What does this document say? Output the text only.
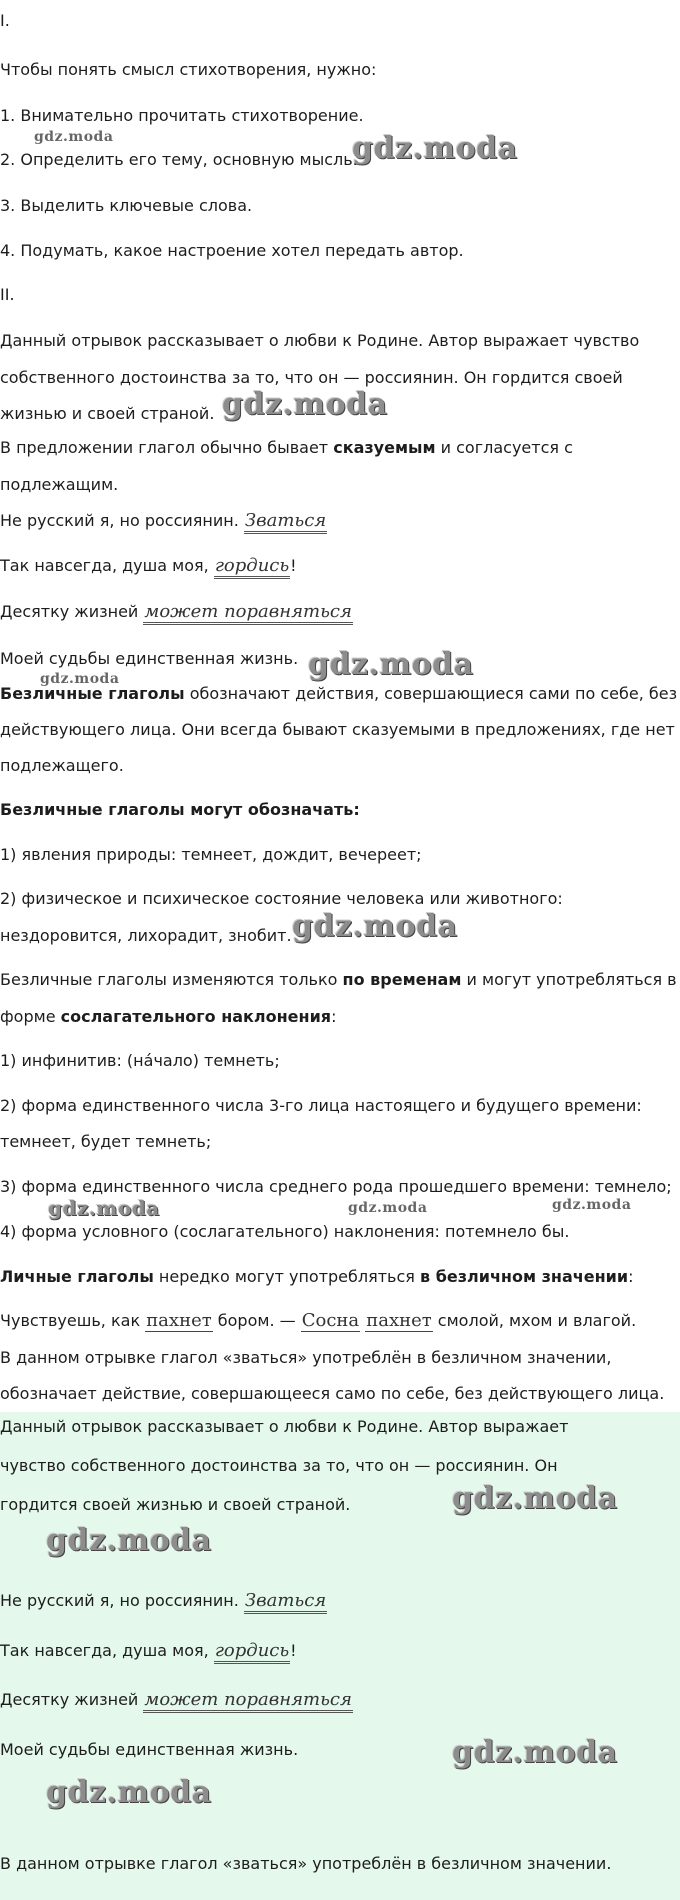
I.
Чтобы понять смысл стихотворения, нужно:
1. Внимательно прочитать стихотворение.
2. Определить его тему, основную мысль.
3. Выделить ключевые слова.
4. Подумать, какое настроение хотел передать автор.
II.
Данный отрывок рассказывает о любви к Родине. Автор выражает чувство
собственного достоинства за то, что он — россиянин. Он гордится своей
жизнью и своей страной.
В предложении глагол обычно бывает сказуемым и согласуется с
подлежащим.
Не русский я, но россиянин. Зваться
Так навсегда, душа моя, гордись!
Десятку жизней может поравняться
Моей судьбы единственная жизнь.
Безличные глаголы обозначают действия, совершающиеся сами по себе, без
действующего лица. Они всегда бывают сказуемыми в предложениях, где нет
подлежащего.
Безличные глаголы могут обозначать:
1) явления природы: темнеет, дождит, вечереет;
2) физическое и психическое состояние человека или животного:
нездоровится, лихорадит, знобит.
Безличные глаголы изменяются только по временам и могут употребляться в
форме сослагательного наклонения:
1) инфинитив: (на́чало) темнеть;
2) форма единственного числа 3-го лица настоящего и будущего времени:
темнеет, будет темнеть;
3) форма единственного числа среднего рода прошедшего времени: темнело;
4) форма условного (сослагательного) наклонения: потемнело бы.
Личные глаголы нередко могут употребляться в безличном значении:
Чувствуешь, как пахнет бором. — Сосна пахнет смолой, мхом и влагой.
В данном отрывке глагол «зваться» употреблён в безличном значении,
обозначает действие, совершающееся само по себе, без действующего лица.
Данный отрывок рассказывает о любви к Родине. Автор выражает
чувство собственного достоинства за то, что он — россиянин. Он
гордится своей жизнью и своей страной.
Не русский я, но россиянин. Зваться
Так навсегда, душа моя, гордись!
Десятку жизней может поравняться
Моей судьбы единственная жизнь.
В данном отрывке глагол «зваться» употреблён в безличном значении.
gdz.moda	gdz.moda
gdz.moda
gdz.moda	gdz.moda
gdz.moda
gdz.moda	gdz.moda	gdz.moda
gdz.moda
gdz.moda
gdz.moda
gdz.moda
